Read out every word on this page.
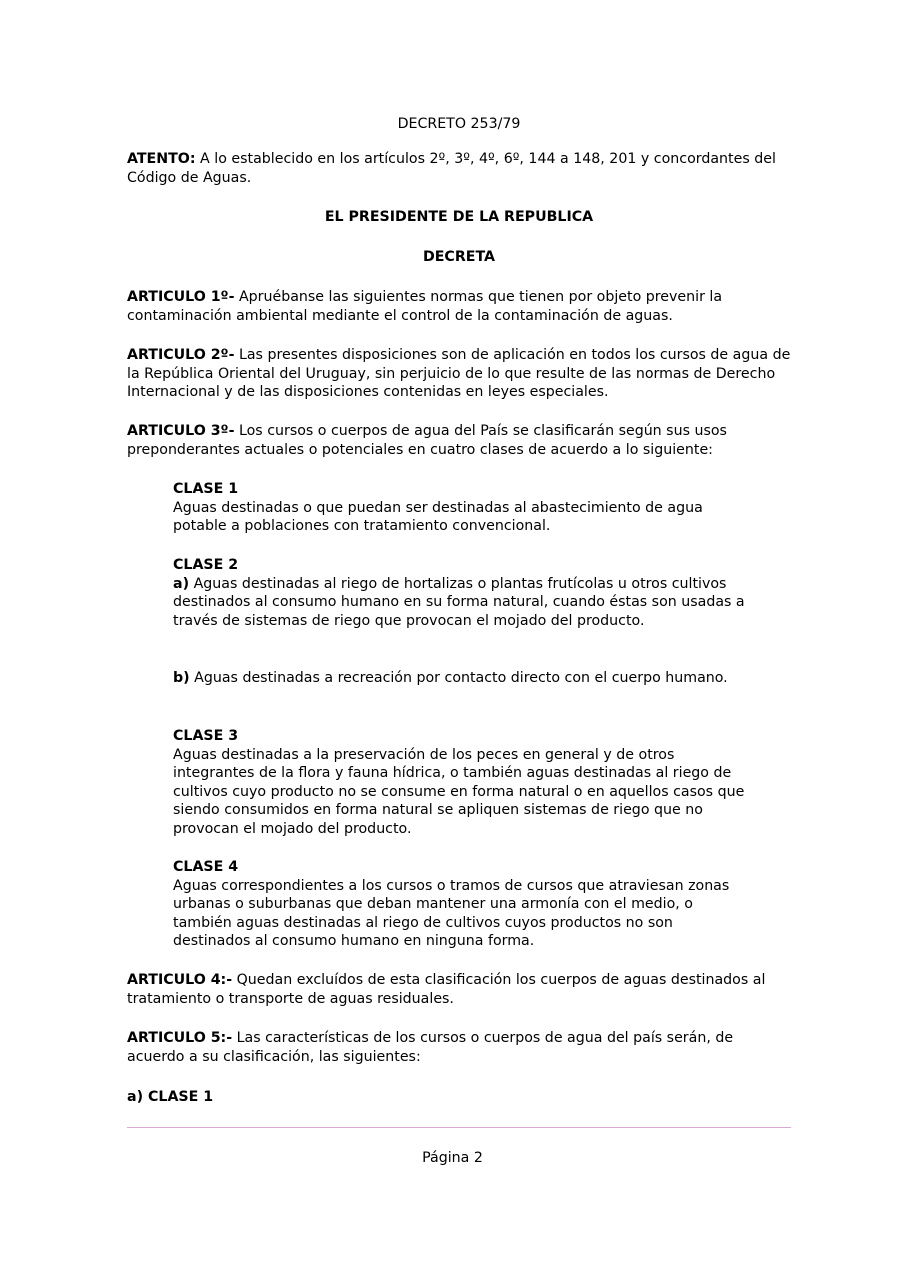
DECRETO 253/79

ATENTO: A lo establecido en los artículos 2º, 3º, 4º, 6º, 144 a 148, 201 y concordantes del Código de Aguas.

EL PRESIDENTE DE LA REPUBLICA
DECRETA

ARTICULO 1º- Apruébanse las siguientes normas que tienen por objeto prevenir la contaminación ambiental mediante el control de la contaminación de aguas.

ARTICULO 2º- Las presentes disposiciones son de aplicación en todos los cursos de agua de la República Oriental del Uruguay, sin perjuicio de lo que resulte de las normas de Derecho Internacional y de las disposiciones contenidas en leyes especiales.

ARTICULO 3º- Los cursos o cuerpos de agua del País se clasificarán según sus usos preponderantes actuales o potenciales en cuatro clases de acuerdo a lo siguiente:

CLASE 1
Aguas destinadas o que puedan ser destinadas al abastecimiento de agua potable a poblaciones con tratamiento convencional.
CLASE 2
a) Aguas destinadas al riego de hortalizas o plantas frutícolas u otros cultivos destinados al consumo humano en su forma natural, cuando éstas son usadas a través de sistemas de riego que provocan el mojado del producto.
b) Aguas destinadas a recreación por contacto directo con el cuerpo humano.
CLASE 3
Aguas destinadas a la preservación de los peces en general y de otros integrantes de la flora y fauna hídrica, o también aguas destinadas al riego de cultivos cuyo producto no se consume en forma natural o en aquellos casos que siendo consumidos en forma natural se apliquen sistemas de riego que no provocan el mojado del producto.
CLASE 4
Aguas correspondientes a los cursos o tramos de cursos que atraviesan zonas urbanas o suburbanas que deban mantener una armonía con el medio, o también aguas destinadas al riego de cultivos cuyos productos no son destinados al consumo humano en ninguna forma.

ARTICULO 4:- Quedan excluídos de esta clasificación los cuerpos de aguas destinados al tratamiento o transporte de aguas residuales.

ARTICULO 5:- Las características de los cursos o cuerpos de agua del país serán, de acuerdo a su clasificación, las siguientes:

a) CLASE 1
Página 2
